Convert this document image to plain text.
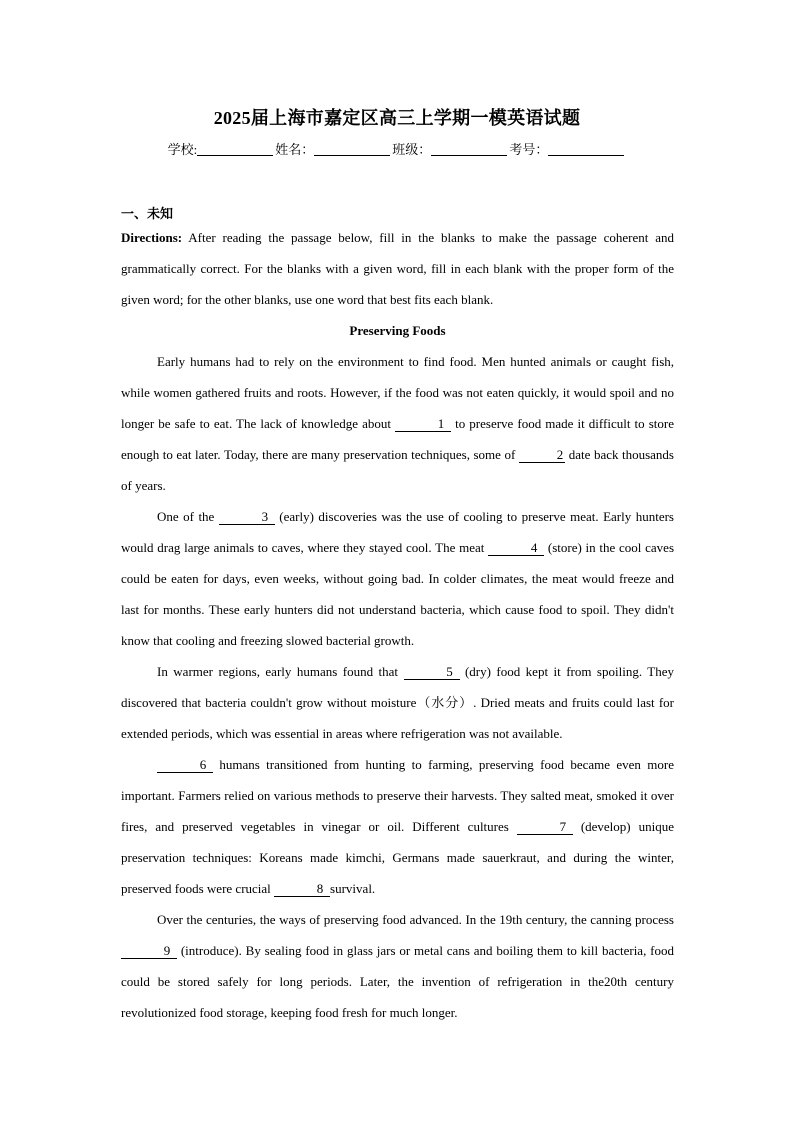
2025届上海市嘉定区高三上学期一模英语试题
学校:	姓名：	班级：	考号：
一、未知

Directions: After reading the passage below, fill in the blanks to make the passage coherent and grammatically correct. For the blanks with a given word, fill in each blank with the proper form of the given word; for the other blanks, use one word that best fits each blank.

Preserving Foods

Early humans had to rely on the environment to find food. Men hunted animals or caught fish, while women gathered fruits and roots. However, if the food was not eaten quickly, it would spoil and no longer be safe to eat. The lack of knowledge about	1 to preserve food made it difficult to store enough to eat later. Today, there are many preservation techniques, some of	2 date back thousands of years.

One of the	3 (early) discoveries was the use of cooling to preserve meat. Early hunters would drag large animals to caves, where they stayed cool. The meat	4 (store) in the cool caves could be eaten for days, even weeks, without going bad. In colder climates, the meat would freeze and last for months. These early hunters did not understand bacteria, which cause food to spoil. They didn't know that cooling and freezing slowed bacterial growth.

In warmer regions, early humans found that	5 (dry) food kept it from spoiling. They discovered that bacteria couldn't grow without moisture（水分）. Dried meats and fruits could last for extended periods, which was essential in areas where refrigeration was not available.

6 humans transitioned from hunting to farming, preserving food became even more important. Farmers relied on various methods to preserve their harvests. They salted meat, smoked it over fires, and preserved vegetables in vinegar or oil. Different cultures	7 (develop) unique preservation techniques: Koreans made kimchi, Germans made sauerkraut, and during the winter, preserved foods were crucial	8 survival.

Over the centuries, the ways of preserving food advanced. In the 19th century, the canning process 9 (introduce). By sealing food in glass jars or metal cans and boiling them to kill bacteria, food could be stored safely for long periods. Later, the invention of refrigeration in the20th century revolutionized food storage, keeping food fresh for much longer.
